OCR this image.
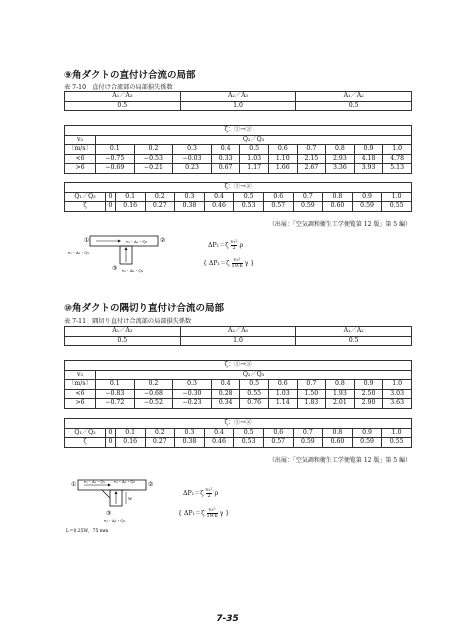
⑨角ダクトの直付け合流の局部
表 7-10　直付け合流部の局部損失係数
A₁／A₃	A₂／A₃	A₁／A₂
0.5	1.0	0.5
ζ：①→③										
v₃	Q₂／Q₃									
〔m/s〕	0.1	0.2	0.3	0.4	0.5	0.6	0.7	0.8	0.9	1.0
<6	−0.75	−0.53	−0.03	0.33	1.03	1.10	2.15	2.93	4.18	4.78
>6	−0.69	−0.21	0.23	0.67	1.17	1.66	2.67	3.36	3.93	5.13
ζ：①→②											
Q₁／Q₃	0	0.1	0.2	0.3	0.4	0.5	0.6	0.7	0.8	0.9	1.0
ζ	0	0.16	0.27	0.38	0.46	0.53	0.57	0.59	0.60	0.59	0.55
（出展：「空気調和衛生工学便覧第 12 版」第 5 編）
①	②
③
v₂・A₂・Q₂
v₁・A₁・Q₁
v₃・A₃・Q₃
$\Delta P_1=\zeta \frac{\text{v₃²}}{2}$ ρ
{ $\Delta P_1=\zeta \frac{\text{v₃²}}{19.6}$ γ }
⑩角ダクトの隅切り直付け合流の局部
表 7-11　隅切り直付け合流部の局部損失係数
A₁／A₃	A₂／A₃	A₁／A₂
0.5	1.0	0.5
ζ：①→③										
v₃	Q₂／Q₃									
〔m/s〕	0.1	0.2	0.3	0.4	0.5	0.6	0.7	0.8	0.9	1.0
<6	−0.83	−0.68	−0.30	0.28	0.55	1.03	1.50	1.93	2.50	3.03
>6	−0.72	−0.52	−0.23	0.34	0.76	1.14	1.83	2.01	2.90	3.63
ζ：①→②											
Q₁／Q₃	0	0.1	0.2	0.3	0.4	0.5	0.6	0.7	0.8	0.9	1.0
ζ	0	0.16	0.27	0.38	0.46	0.53	0.57	0.59	0.60	0.59	0.55
（出展：「空気調和衛生工学便覧第 12 版」第 5 編）
①	②
③
v₁・A₁・Q₁ v₂・A₂・Q₂
v₃・A₃・Q₃
W
L＝0.25W，75 mm
$\Delta P_1=\zeta \frac{\text{v₃²}}{2}$ ρ
{ $\Delta P_1=\zeta \frac{\text{v₃²}}{19.6}$ γ }
7-35
